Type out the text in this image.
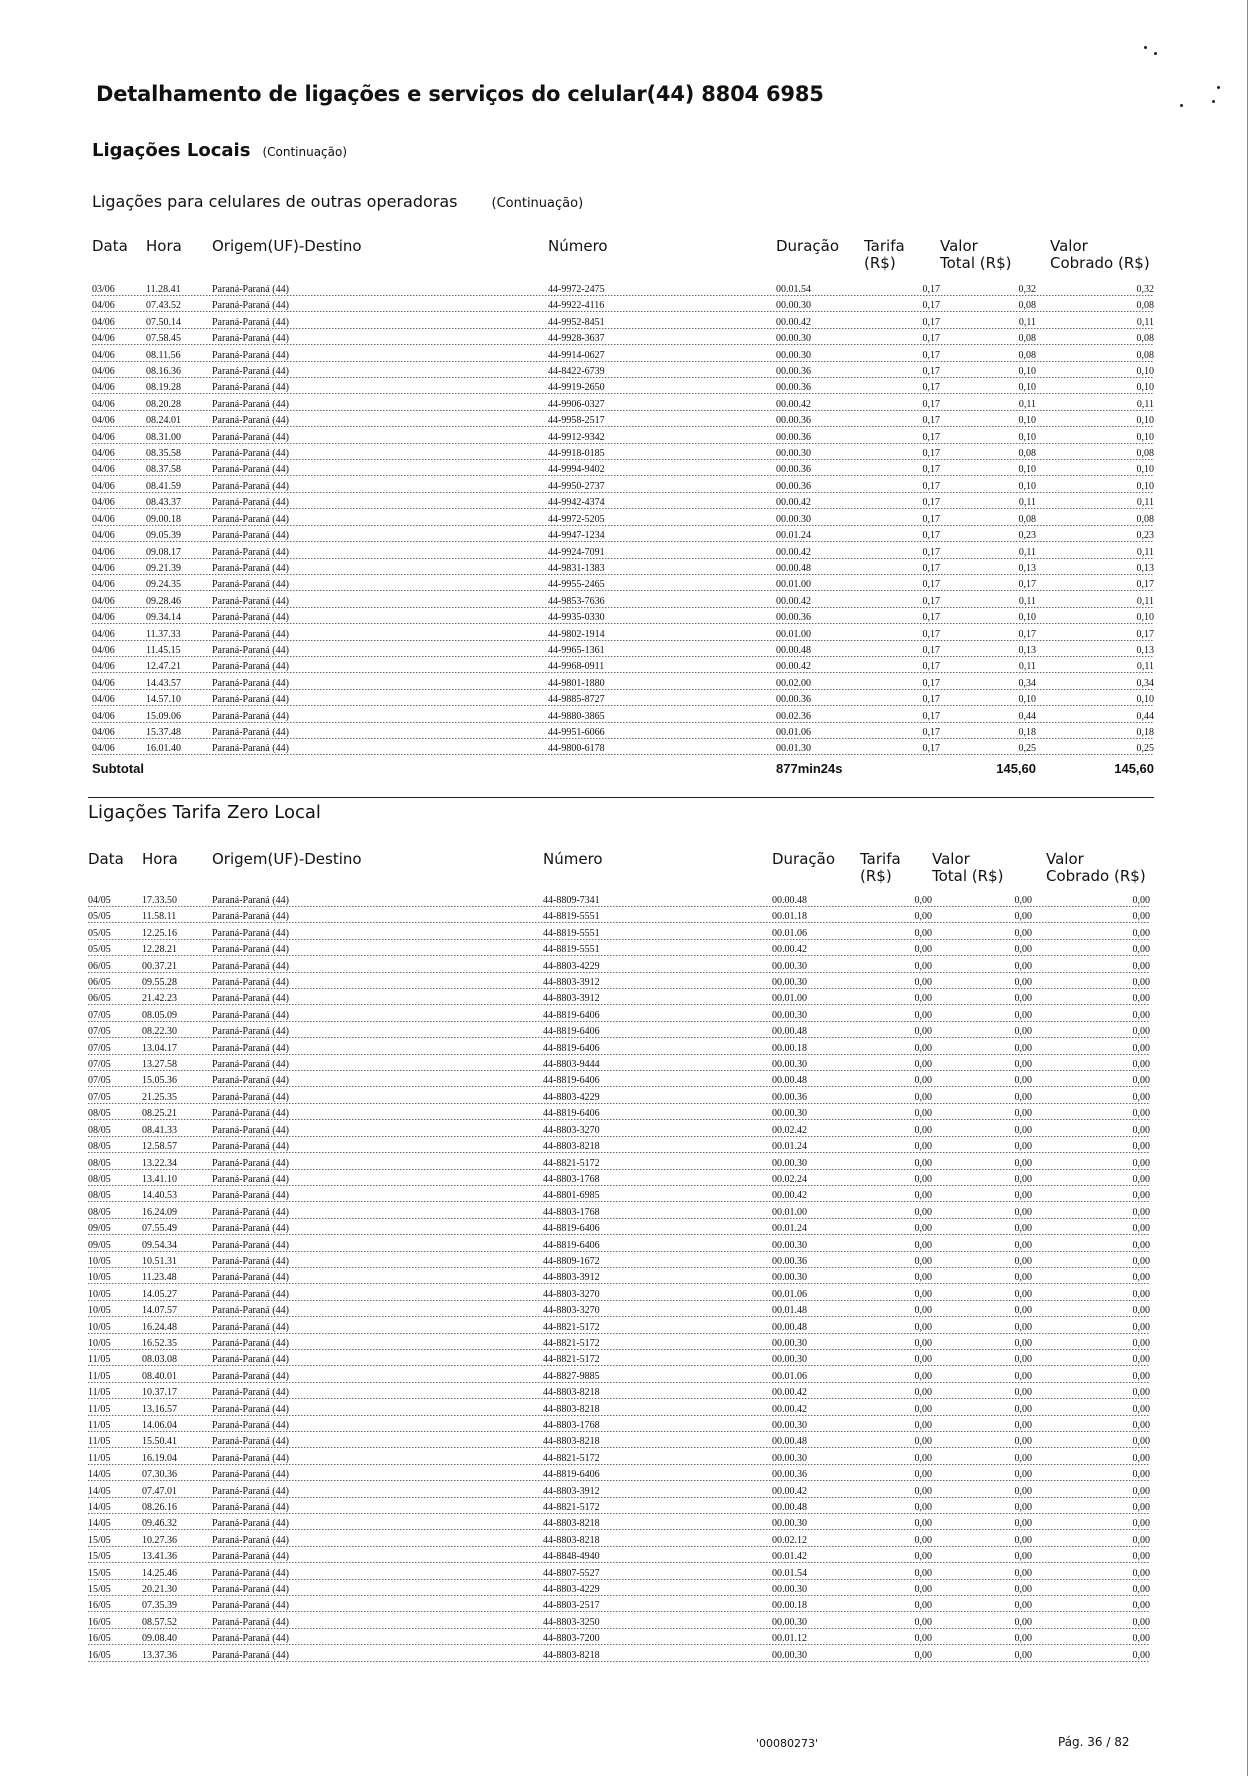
Detalhamento de ligações e serviços do celular(44) 8804 6985
Ligações Locais (Continuação)
Ligações para celulares de outras operadoras	(Continuação)
Data	Hora	Origem(UF)-Destino	Número	Duração	Tarifa
(R$)	Valor
Total (R$)	Valor
Cobrado (R$)
03/06	11.28.41	Paraná-Paraná (44)	44-9972-2475	00.01.54	0,17	0,32	0,32
04/06	07.43.52	Paraná-Paraná (44)	44-9922-4116	00.00.30	0,17	0,08	0,08
04/06	07.50.14	Paraná-Paraná (44)	44-9952-8451	00.00.42	0,17	0,11	0,11
04/06	07.58.45	Paraná-Paraná (44)	44-9928-3637	00.00.30	0,17	0,08	0,08
04/06	08.11.56	Paraná-Paraná (44)	44-9914-0627	00.00.30	0,17	0,08	0,08
04/06	08.16.36	Paraná-Paraná (44)	44-8422-6739	00.00.36	0,17	0,10	0,10
04/06	08.19.28	Paraná-Paraná (44)	44-9919-2650	00.00.36	0,17	0,10	0,10
04/06	08.20.28	Paraná-Paraná (44)	44-9906-0327	00.00.42	0,17	0,11	0,11
04/06	08.24.01	Paraná-Paraná (44)	44-9958-2517	00.00.36	0,17	0,10	0,10
04/06	08.31.00	Paraná-Paraná (44)	44-9912-9342	00.00.36	0,17	0,10	0,10
04/06	08.35.58	Paraná-Paraná (44)	44-9918-0185	00.00.30	0,17	0,08	0,08
04/06	08.37.58	Paraná-Paraná (44)	44-9994-9402	00.00.36	0,17	0,10	0,10
04/06	08.41.59	Paraná-Paraná (44)	44-9950-2737	00.00.36	0,17	0,10	0,10
04/06	08.43.37	Paraná-Paraná (44)	44-9942-4374	00.00.42	0,17	0,11	0,11
04/06	09.00.18	Paraná-Paraná (44)	44-9972-5205	00.00.30	0,17	0,08	0,08
04/06	09.05.39	Paraná-Paraná (44)	44-9947-1234	00.01.24	0,17	0,23	0,23
04/06	09.08.17	Paraná-Paraná (44)	44-9924-7091	00.00.42	0,17	0,11	0,11
04/06	09.21.39	Paraná-Paraná (44)	44-9831-1383	00.00.48	0,17	0,13	0,13
04/06	09.24.35	Paraná-Paraná (44)	44-9955-2465	00.01.00	0,17	0,17	0,17
04/06	09.28.46	Paraná-Paraná (44)	44-9853-7636	00.00.42	0,17	0,11	0,11
04/06	09.34.14	Paraná-Paraná (44)	44-9935-0330	00.00.36	0,17	0,10	0,10
04/06	11.37.33	Paraná-Paraná (44)	44-9802-1914	00.01.00	0,17	0,17	0,17
04/06	11.45.15	Paraná-Paraná (44)	44-9965-1361	00.00.48	0,17	0,13	0,13
04/06	12.47.21	Paraná-Paraná (44)	44-9968-0911	00.00.42	0,17	0,11	0,11
04/06	14.43.57	Paraná-Paraná (44)	44-9801-1880	00.02.00	0,17	0,34	0,34
04/06	14.57.10	Paraná-Paraná (44)	44-9885-8727	00.00.36	0,17	0,10	0,10
04/06	15.09.06	Paraná-Paraná (44)	44-9880-3865	00.02.36	0,17	0,44	0,44
04/06	15.37.48	Paraná-Paraná (44)	44-9951-6066	00.01.06	0,17	0,18	0,18
04/06	16.01.40	Paraná-Paraná (44)	44-9800-6178	00.01.30	0,17	0,25	0,25
Subtotal				877min24s		145,60	145,60
Ligações Tarifa Zero Local
Data	Hora	Origem(UF)-Destino	Número	Duração	Tarifa
(R$)	Valor
Total (R$)	Valor
Cobrado (R$)
04/05	17.33.50	Paraná-Paraná (44)	44-8809-7341	00.00.48	0,00	0,00	0,00
05/05	11.58.11	Paraná-Paraná (44)	44-8819-5551	00.01.18	0,00	0,00	0,00
05/05	12.25.16	Paraná-Paraná (44)	44-8819-5551	00.01.06	0,00	0,00	0,00
05/05	12.28.21	Paraná-Paraná (44)	44-8819-5551	00.00.42	0,00	0,00	0,00
06/05	00.37.21	Paraná-Paraná (44)	44-8803-4229	00.00.30	0,00	0,00	0,00
06/05	09.55.28	Paraná-Paraná (44)	44-8803-3912	00.00.30	0,00	0,00	0,00
06/05	21.42.23	Paraná-Paraná (44)	44-8803-3912	00.01.00	0,00	0,00	0,00
07/05	08.05.09	Paraná-Paraná (44)	44-8819-6406	00.00.30	0,00	0,00	0,00
07/05	08.22.30	Paraná-Paraná (44)	44-8819-6406	00.00.48	0,00	0,00	0,00
07/05	13.04.17	Paraná-Paraná (44)	44-8819-6406	00.00.18	0,00	0,00	0,00
07/05	13.27.58	Paraná-Paraná (44)	44-8803-9444	00.00.30	0,00	0,00	0,00
07/05	15.05.36	Paraná-Paraná (44)	44-8819-6406	00.00.48	0,00	0,00	0,00
07/05	21.25.35	Paraná-Paraná (44)	44-8803-4229	00.00.36	0,00	0,00	0,00
08/05	08.25.21	Paraná-Paraná (44)	44-8819-6406	00.00.30	0,00	0,00	0,00
08/05	08.41.33	Paraná-Paraná (44)	44-8803-3270	00.02.42	0,00	0,00	0,00
08/05	12.58.57	Paraná-Paraná (44)	44-8803-8218	00.01.24	0,00	0,00	0,00
08/05	13.22.34	Paraná-Paraná (44)	44-8821-5172	00.00.30	0,00	0,00	0,00
08/05	13.41.10	Paraná-Paraná (44)	44-8803-1768	00.02.24	0,00	0,00	0,00
08/05	14.40.53	Paraná-Paraná (44)	44-8801-6985	00.00.42	0,00	0,00	0,00
08/05	16.24.09	Paraná-Paraná (44)	44-8803-1768	00.01.00	0,00	0,00	0,00
09/05	07.55.49	Paraná-Paraná (44)	44-8819-6406	00.01.24	0,00	0,00	0,00
09/05	09.54.34	Paraná-Paraná (44)	44-8819-6406	00.00.30	0,00	0,00	0,00
10/05	10.51.31	Paraná-Paraná (44)	44-8809-1672	00.00.36	0,00	0,00	0,00
10/05	11.23.48	Paraná-Paraná (44)	44-8803-3912	00.00.30	0,00	0,00	0,00
10/05	14.05.27	Paraná-Paraná (44)	44-8803-3270	00.01.06	0,00	0,00	0,00
10/05	14.07.57	Paraná-Paraná (44)	44-8803-3270	00.01.48	0,00	0,00	0,00
10/05	16.24.48	Paraná-Paraná (44)	44-8821-5172	00.00.48	0,00	0,00	0,00
10/05	16.52.35	Paraná-Paraná (44)	44-8821-5172	00.00.30	0,00	0,00	0,00
11/05	08.03.08	Paraná-Paraná (44)	44-8821-5172	00.00.30	0,00	0,00	0,00
11/05	08.40.01	Paraná-Paraná (44)	44-8827-9885	00.01.06	0,00	0,00	0,00
11/05	10.37.17	Paraná-Paraná (44)	44-8803-8218	00.00.42	0,00	0,00	0,00
11/05	13.16.57	Paraná-Paraná (44)	44-8803-8218	00.00.42	0,00	0,00	0,00
11/05	14.06.04	Paraná-Paraná (44)	44-8803-1768	00.00.30	0,00	0,00	0,00
11/05	15.50.41	Paraná-Paraná (44)	44-8803-8218	00.00.48	0,00	0,00	0,00
11/05	16.19.04	Paraná-Paraná (44)	44-8821-5172	00.00.30	0,00	0,00	0,00
14/05	07.30.36	Paraná-Paraná (44)	44-8819-6406	00.00.36	0,00	0,00	0,00
14/05	07.47.01	Paraná-Paraná (44)	44-8803-3912	00.00.42	0,00	0,00	0,00
14/05	08.26.16	Paraná-Paraná (44)	44-8821-5172	00.00.48	0,00	0,00	0,00
14/05	09.46.32	Paraná-Paraná (44)	44-8803-8218	00.00.30	0,00	0,00	0,00
15/05	10.27.36	Paraná-Paraná (44)	44-8803-8218	00.02.12	0,00	0,00	0,00
15/05	13.41.36	Paraná-Paraná (44)	44-8848-4940	00.01.42	0,00	0,00	0,00
15/05	14.25.46	Paraná-Paraná (44)	44-8807-5527	00.01.54	0,00	0,00	0,00
15/05	20.21.30	Paraná-Paraná (44)	44-8803-4229	00.00.30	0,00	0,00	0,00
16/05	07.35.39	Paraná-Paraná (44)	44-8803-2517	00.00.18	0,00	0,00	0,00
16/05	08.57.52	Paraná-Paraná (44)	44-8803-3250	00.00.30	0,00	0,00	0,00
16/05	09.08.40	Paraná-Paraná (44)	44-8803-7200	00.01.12	0,00	0,00	0,00
16/05	13.37.36	Paraná-Paraná (44)	44-8803-8218	00.00.30	0,00	0,00	0,00
'00080273'	Pág. 36 / 82
